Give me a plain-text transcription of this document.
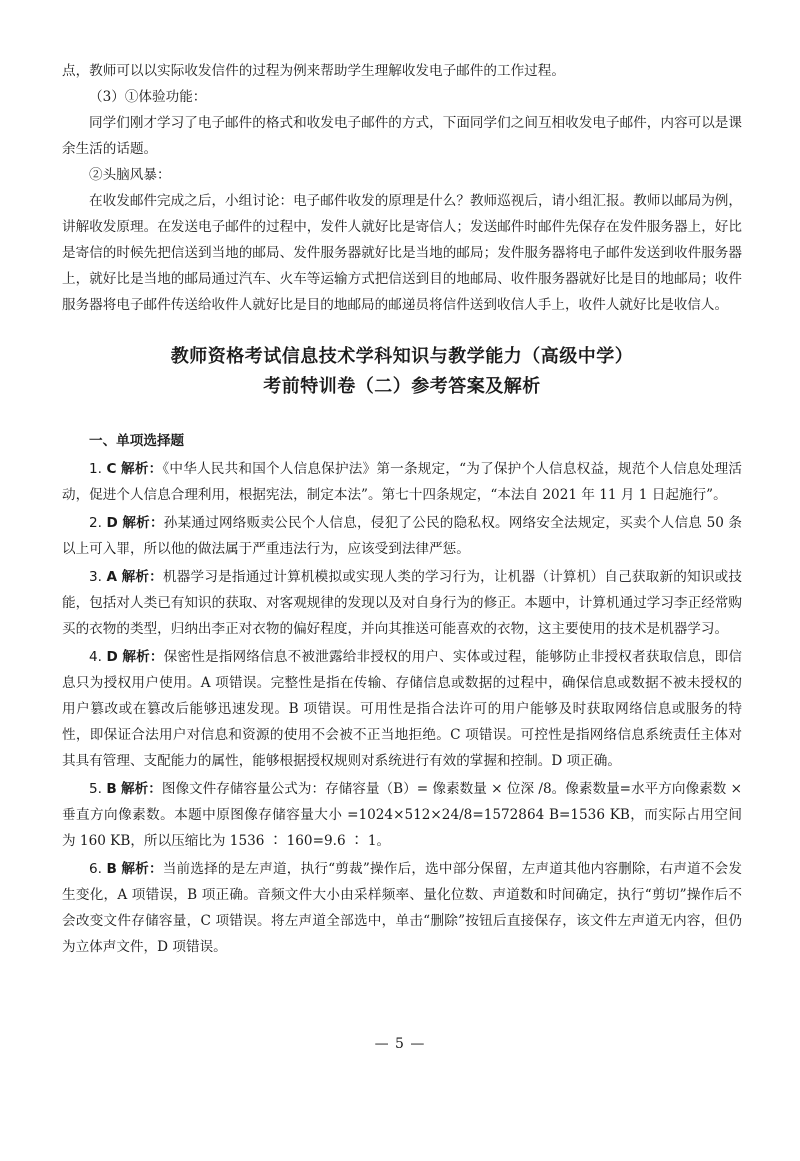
点，教师可以以实际收发信件的过程为例来帮助学生理解收发电子邮件的工作过程。

（3）①体验功能：

同学们刚才学习了电子邮件的格式和收发电子邮件的方式，下面同学们之间互相收发电子邮件，内容可以是课余生活的话题。

②头脑风暴：

在收发邮件完成之后，小组讨论：电子邮件收发的原理是什么？教师巡视后，请小组汇报。教师以邮局为例，讲解收发原理。在发送电子邮件的过程中，发件人就好比是寄信人；发送邮件时邮件先保存在发件服务器上，好比是寄信的时候先把信送到当地的邮局、发件服务器就好比是当地的邮局；发件服务器将电子邮件发送到收件服务器上，就好比是当地的邮局通过汽车、火车等运输方式把信送到目的地邮局、收件服务器就好比是目的地邮局；收件服务器将电子邮件传送给收件人就好比是目的地邮局的邮递员将信件送到收信人手上，收件人就好比是收信人。

教师资格考试信息技术学科知识与教学能力（高级中学）
考前特训卷（二）参考答案及解析

一、单项选择题

1. C 解析：《中华人民共和国个人信息保护法》第一条规定，“为了保护个人信息权益，规范个人信息处理活动，促进个人信息合理利用，根据宪法，制定本法”。第七十四条规定，“本法自 2021 年 11 月 1 日起施行”。

2. D 解析：孙某通过网络贩卖公民个人信息，侵犯了公民的隐私权。网络安全法规定，买卖个人信息 50 条以上可入罪，所以他的做法属于严重违法行为，应该受到法律严惩。

3. A 解析：机器学习是指通过计算机模拟或实现人类的学习行为，让机器（计算机）自己获取新的知识或技能，包括对人类已有知识的获取、对客观规律的发现以及对自身行为的修正。本题中，计算机通过学习李正经常购买的衣物的类型，归纳出李正对衣物的偏好程度，并向其推送可能喜欢的衣物，这主要使用的技术是机器学习。

4. D 解析：保密性是指网络信息不被泄露给非授权的用户、实体或过程，能够防止非授权者获取信息，即信息只为授权用户使用。A 项错误。完整性是指在传输、存储信息或数据的过程中，确保信息或数据不被未授权的用户篡改或在篡改后能够迅速发现。B 项错误。可用性是指合法许可的用户能够及时获取网络信息或服务的特性，即保证合法用户对信息和资源的使用不会被不正当地拒绝。C 项错误。可控性是指网络信息系统责任主体对其具有管理、支配能力的属性，能够根据授权规则对系统进行有效的掌握和控制。D 项正确。

5. B 解析：图像文件存储容量公式为：存储容量（B）= 像素数量 × 位深 /8。像素数量=水平方向像素数 × 垂直方向像素数。本题中原图像存储容量大小 =1024×512×24/8=1572864 B=1536 KB，而实际占用空间为 160 KB，所以压缩比为 1536 ∶ 160=9.6 ∶ 1。

6. B 解析：当前选择的是左声道，执行“剪裁”操作后，选中部分保留，左声道其他内容删除，右声道不会发生变化，A 项错误，B 项正确。音频文件大小由采样频率、量化位数、声道数和时间确定，执行“剪切”操作后不会改变文件存储容量，C 项错误。将左声道全部选中，单击“删除”按钮后直接保存，该文件左声道无内容，但仍为立体声文件，D 项错误。

— 5 —
